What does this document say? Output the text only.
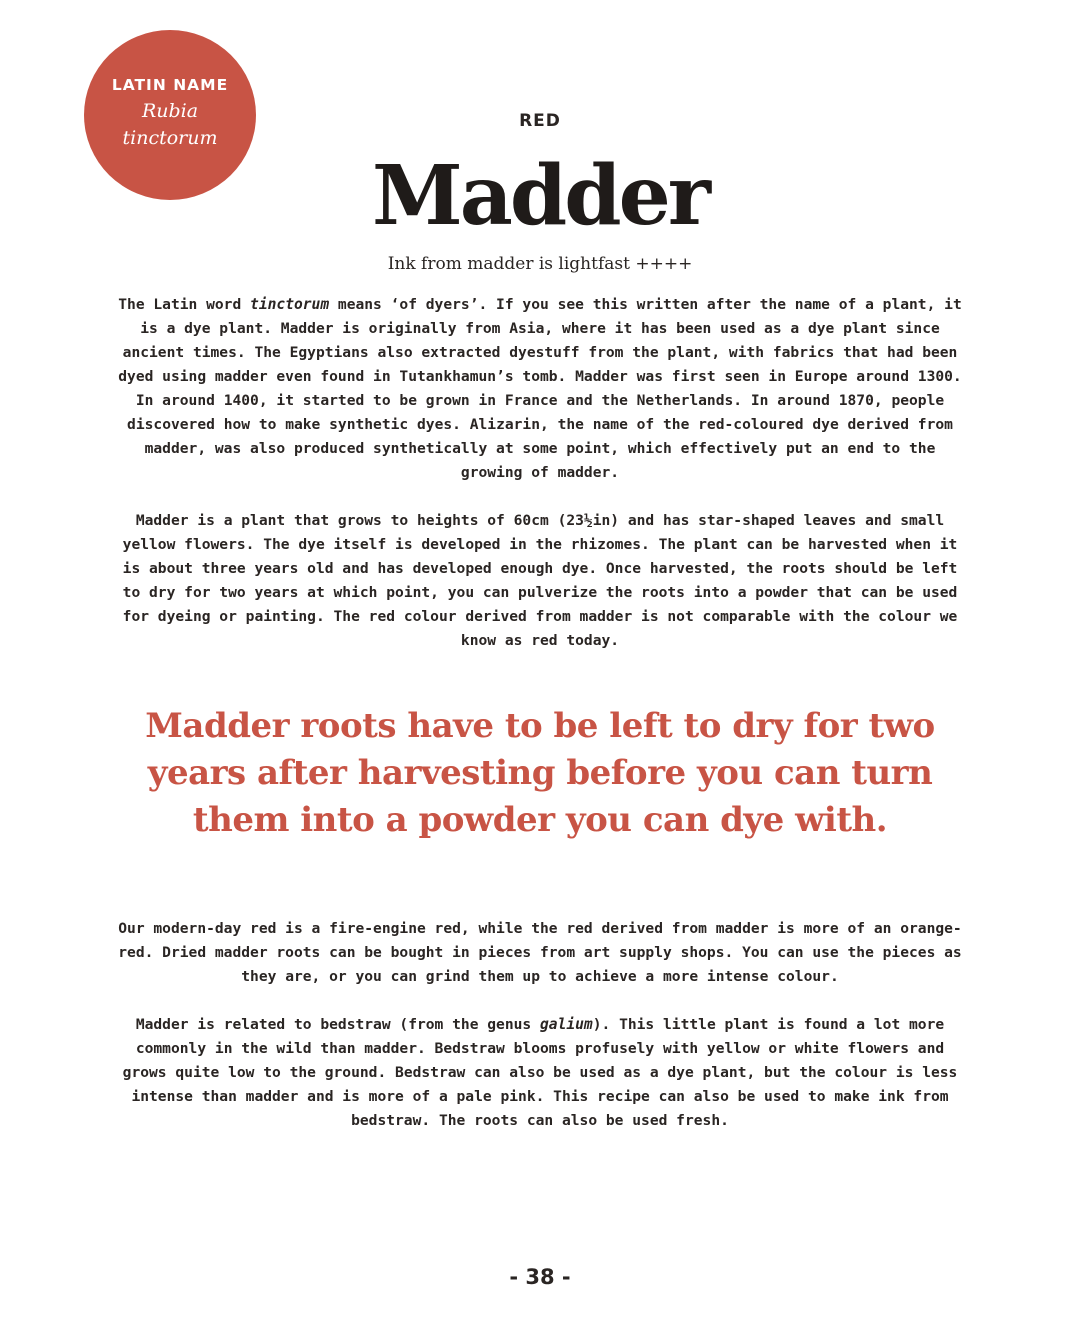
LATIN NAME
Rubia
tinctorum
RED
Madder
Ink from madder is lightfast ++++

The Latin word tinctorum means ‘of dyers’. If you see this written after the name of a plant, it is a dye plant. Madder is originally from Asia, where it has been used as a dye plant since ancient times. The Egyptians also extracted dyestuff from the plant, with fabrics that had been dyed using madder even found in Tutankhamun’s tomb. Madder was first seen in Europe around 1300. In around 1400, it started to be grown in France and the Netherlands. In around 1870, people discovered how to make synthetic dyes. Alizarin, the name of the red-coloured dye derived from madder, was also produced synthetically at some point, which effectively put an end to the growing of madder.

Madder is a plant that grows to heights of 60cm (23½in) and has star-shaped leaves and small yellow flowers. The dye itself is developed in the rhizomes. The plant can be harvested when it is about three years old and has developed enough dye. Once harvested, the roots should be left to dry for two years at which point, you can pulverize the roots into a powder that can be used for dyeing or painting. The red colour derived from madder is not comparable with the colour we know as red today.

Madder roots have to be left to dry for two years after harvesting before you can turn them into a powder you can dye with.

Our modern-day red is a fire-engine red, while the red derived from madder is more of an orange-red. Dried madder roots can be bought in pieces from art supply shops. You can use the pieces as they are, or you can grind them up to achieve a more intense colour.

Madder is related to bedstraw (from the genus galium). This little plant is found a lot more commonly in the wild than madder. Bedstraw blooms profusely with yellow or white flowers and grows quite low to the ground. Bedstraw can also be used as a dye plant, but the colour is less intense than madder and is more of a pale pink. This recipe can also be used to make ink from bedstraw. The roots can also be used fresh.

- 38 -
